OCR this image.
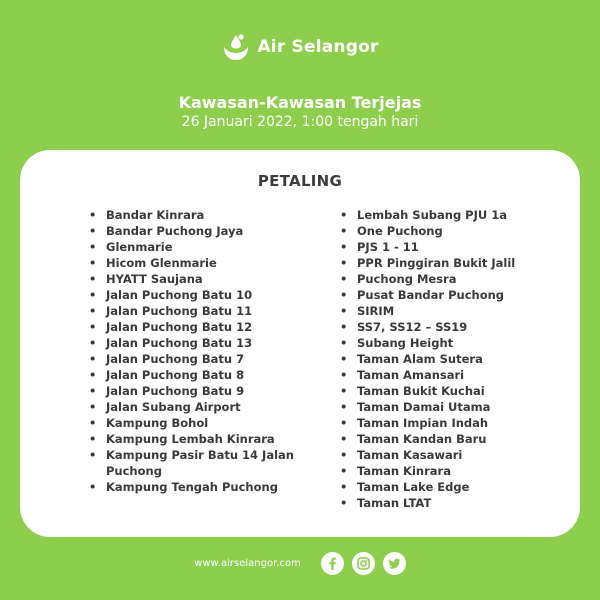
Air Selangor
Kawasan-Kawasan Terjejas
26 Januari 2022, 1:00 tengah hari
PETALING
• Bandar Kinrara
• Bandar Puchong Jaya
• Glenmarie
• Hicom Glenmarie
• HYATT Saujana
• Jalan Puchong Batu 10
• Jalan Puchong Batu 11
• Jalan Puchong Batu 12
• Jalan Puchong Batu 13
• Jalan Puchong Batu 7
• Jalan Puchong Batu 8
• Jalan Puchong Batu 9
• Jalan Subang Airport
• Kampung Bohol
• Kampung Lembah Kinrara
• Kampung Pasir Batu 14 Jalan Puchong
• Kampung Tengah Puchong
• Lembah Subang PJU 1a
• One Puchong
• PJS 1 - 11
• PPR Pinggiran Bukit Jalil
• Puchong Mesra
• Pusat Bandar Puchong
• SIRIM
• SS7, SS12 – SS19
• Subang Height
• Taman Alam Sutera
• Taman Amansari
• Taman Bukit Kuchai
• Taman Damai Utama
• Taman Impian Indah
• Taman Kandan Baru
• Taman Kasawari
• Taman Kinrara
• Taman Lake Edge
• Taman LTAT
www.airselangor.com
